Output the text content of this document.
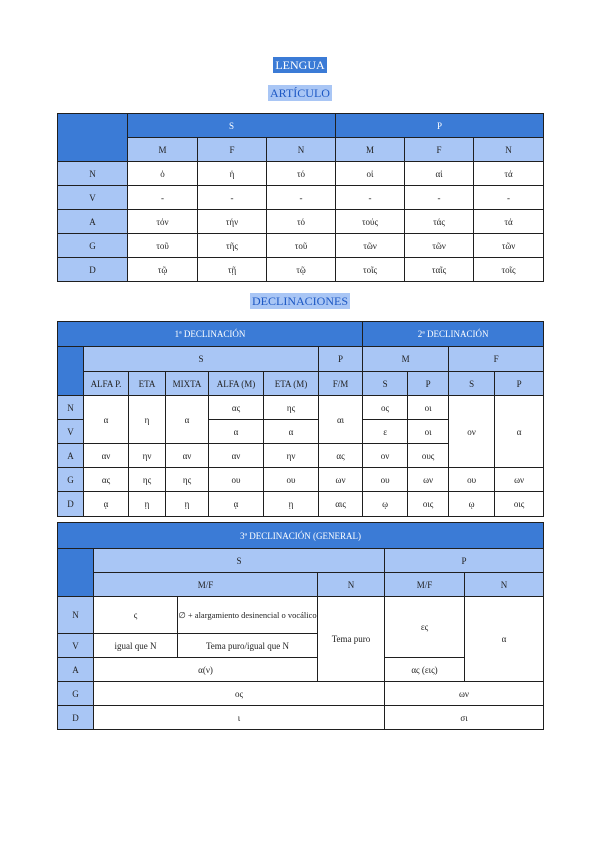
LENGUA
ARTÍCULO
DECLINACIONES
	S			P		
	M	F	N	M	F	N
N	ὁ	ἡ	τό	οἱ	αἱ	τά
V	-	-	-	-	-	-
A	τόν	τήν	τό	τούς	τάς	τά
G	τοῦ	τῆς	τοῦ	τῶν	τῶν	τῶν
D	τῷ	τῇ	τῷ	τοῖς	ταῖς	τοῖς
1ª DECLINACIÓN							2ª DECLINACIÓN			
	S					P	M		F	
	ALFA P.	ETA	MIXTA	ALFA (M)	ETA (M)	F/M	S	P	S	P
N	α	η	α	ας	ης	αι	ος	οι	ον	α
V				α	α		ε	οι		
A	αν	ην	αν	αν	ην	ας	ον	ους		
G	ας	ης	ης	ου	ου	ων	ου	ων	ου	ων
D	ᾳ	ῃ	ῃ	ᾳ	ῃ	αις	ῳ	οις	ῳ	οις
3ª DECLINACIÓN (GENERAL)					
	S			P	
	M/F		N	M/F	N
N	ς	∅ + alargamiento desinencial o vocálico	Tema puro	ες	α
V	igual que N	Tema puro/igual que N			
A	α(ν)			ας (εις)	
G	ος			ων	
D	ι			σι	
